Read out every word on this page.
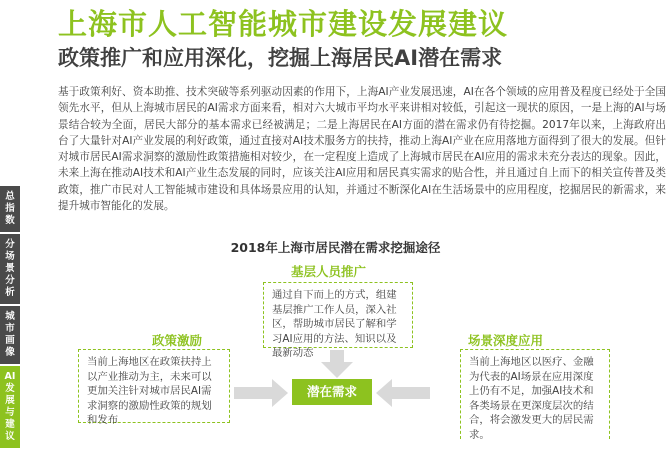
上海市人工智能城市建设发展建议
政策推广和应用深化，挖掘上海居民AI潜在需求

基于政策利好、资本助推、技术突破等系列驱动因素的作用下，上海AI产业发展迅速，AI在各个领域的应用普及程度已经处于全国领先水平，但从上海城市居民的AI需求方面来看，相对六大城市平均水平来讲相对较低，引起这一现状的原因，一是上海的AI与场景结合较为全面，居民大部分的基本需求已经被满足；二是上海居民在AI方面的潜在需求仍有待挖掘。2017年以来，上海政府出台了大量针对AI产业发展的利好政策，通过直接对AI技术服务方的扶持，推动上海AI产业在应用落地方面得到了很大的发展。但针对城市居民AI需求洞察的激励性政策措施相对较少，在一定程度上造成了上海城市居民在AI应用的需求未充分表达的现象。因此，未来上海在推动AI技术和AI产业生态发展的同时，应该关注AI应用和居民真实需求的贴合性，并且通过自上而下的相关宣传普及类政策，推广市民对人工智能城市建设和具体场景应用的认知，并通过不断深化AI在生活场景中的应用程度，挖掘居民的新需求，来提升城市智能化的发展。

总
指
数
分
场
景
分
析
城
市
画
像
AI
发
展
与
建
议
2018年上海市居民潜在需求挖掘途径
基层人员推广
通过自下而上的方式，组建基层推广工作人员，深入社区，帮助城市居民了解和学习AI应用的方法、知识以及最新动态
政策激励
当前上海地区在政策扶持上以产业推动为主，未来可以更加关注针对城市居民AI需求洞察的激励性政策的规划和发布
场景深度应用
当前上海地区以医疗、金融为代表的AI场景在应用深度上仍有不足，加强AI技术和各类场景在更深度层次的结合，将会激发更大的居民需求。
潜在需求
